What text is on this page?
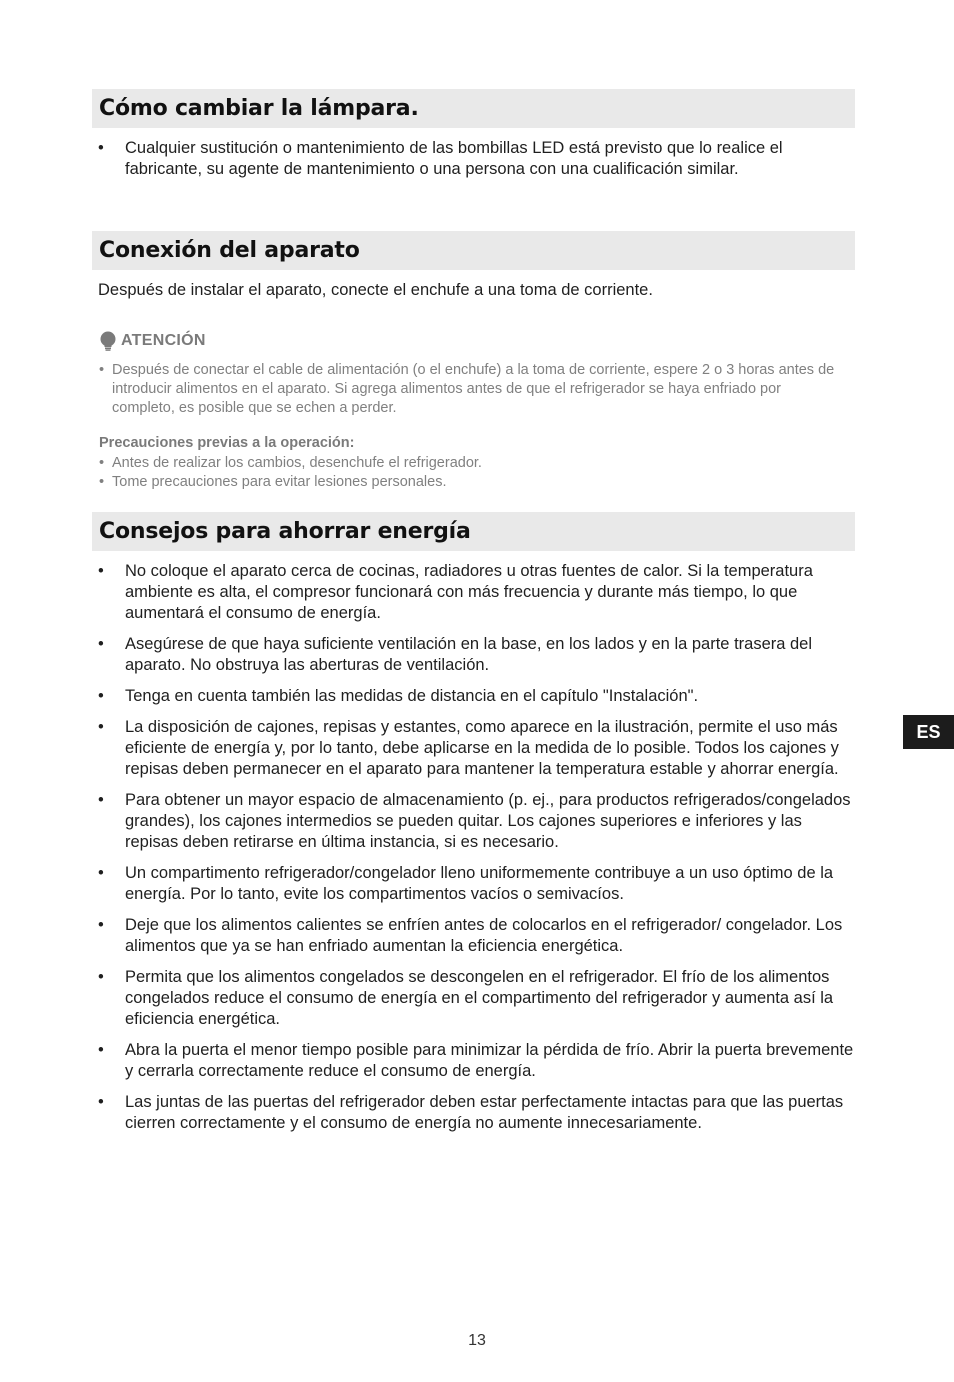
Cómo cambiar la lámpara.
• Cualquier sustitución o mantenimiento de las bombillas LED está previsto que lo realice el fabricante, su agente de mantenimiento o una persona con una cualificación similar.
Conexión del aparato

Después de instalar el aparato, conecte el enchufe a una toma de corriente.

ATENCIÓN
• Después de conectar el cable de alimentación (o el enchufe) a la toma de corriente, espere 2 o 3 horas antes de introducir alimentos en el aparato. Si agrega alimentos antes de que el refrigerador se haya enfriado por completo, es posible que se echen a perder.
Precauciones previas a la operación:
• Antes de realizar los cambios, desenchufe el refrigerador.
• Tome precauciones para evitar lesiones personales.
Consejos para ahorrar energía
• No coloque el aparato cerca de cocinas, radiadores u otras fuentes de calor. Si la temperatura ambiente es alta, el compresor funcionará con más frecuencia y durante más tiempo, lo que aumentará el consumo de energía.
• Asegúrese de que haya suficiente ventilación en la base, en los lados y en la parte trasera del aparato. No obstruya las aberturas de ventilación.
• Tenga en cuenta también las medidas de distancia en el capítulo "Instalación".
• La disposición de cajones, repisas y estantes, como aparece en la ilustración, permite el uso más eficiente de energía y, por lo tanto, debe aplicarse en la medida de lo posible. Todos los cajones y repisas deben permanecer en el aparato para mantener la temperatura estable y ahorrar energía.
• Para obtener un mayor espacio de almacenamiento (p. ej., para productos refrigerados/congelados grandes), los cajones intermedios se pueden quitar. Los cajones superiores e inferiores y las repisas deben retirarse en última instancia, si es necesario.
• Un compartimento refrigerador/congelador lleno uniformemente contribuye a un uso óptimo de la energía. Por lo tanto, evite los compartimentos vacíos o semivacíos.
• Deje que los alimentos calientes se enfríen antes de colocarlos en el refrigerador/ congelador. Los alimentos que ya se han enfriado aumentan la eficiencia energética.
• Permita que los alimentos congelados se descongelen en el refrigerador. El frío de los alimentos congelados reduce el consumo de energía en el compartimento del refrigerador y aumenta así la eficiencia energética.
• Abra la puerta el menor tiempo posible para minimizar la pérdida de frío. Abrir la puerta brevemente y cerrarla correctamente reduce el consumo de energía.
• Las juntas de las puertas del refrigerador deben estar perfectamente intactas para que las puertas cierren correctamente y el consumo de energía no aumente innecesariamente.
ES
13
